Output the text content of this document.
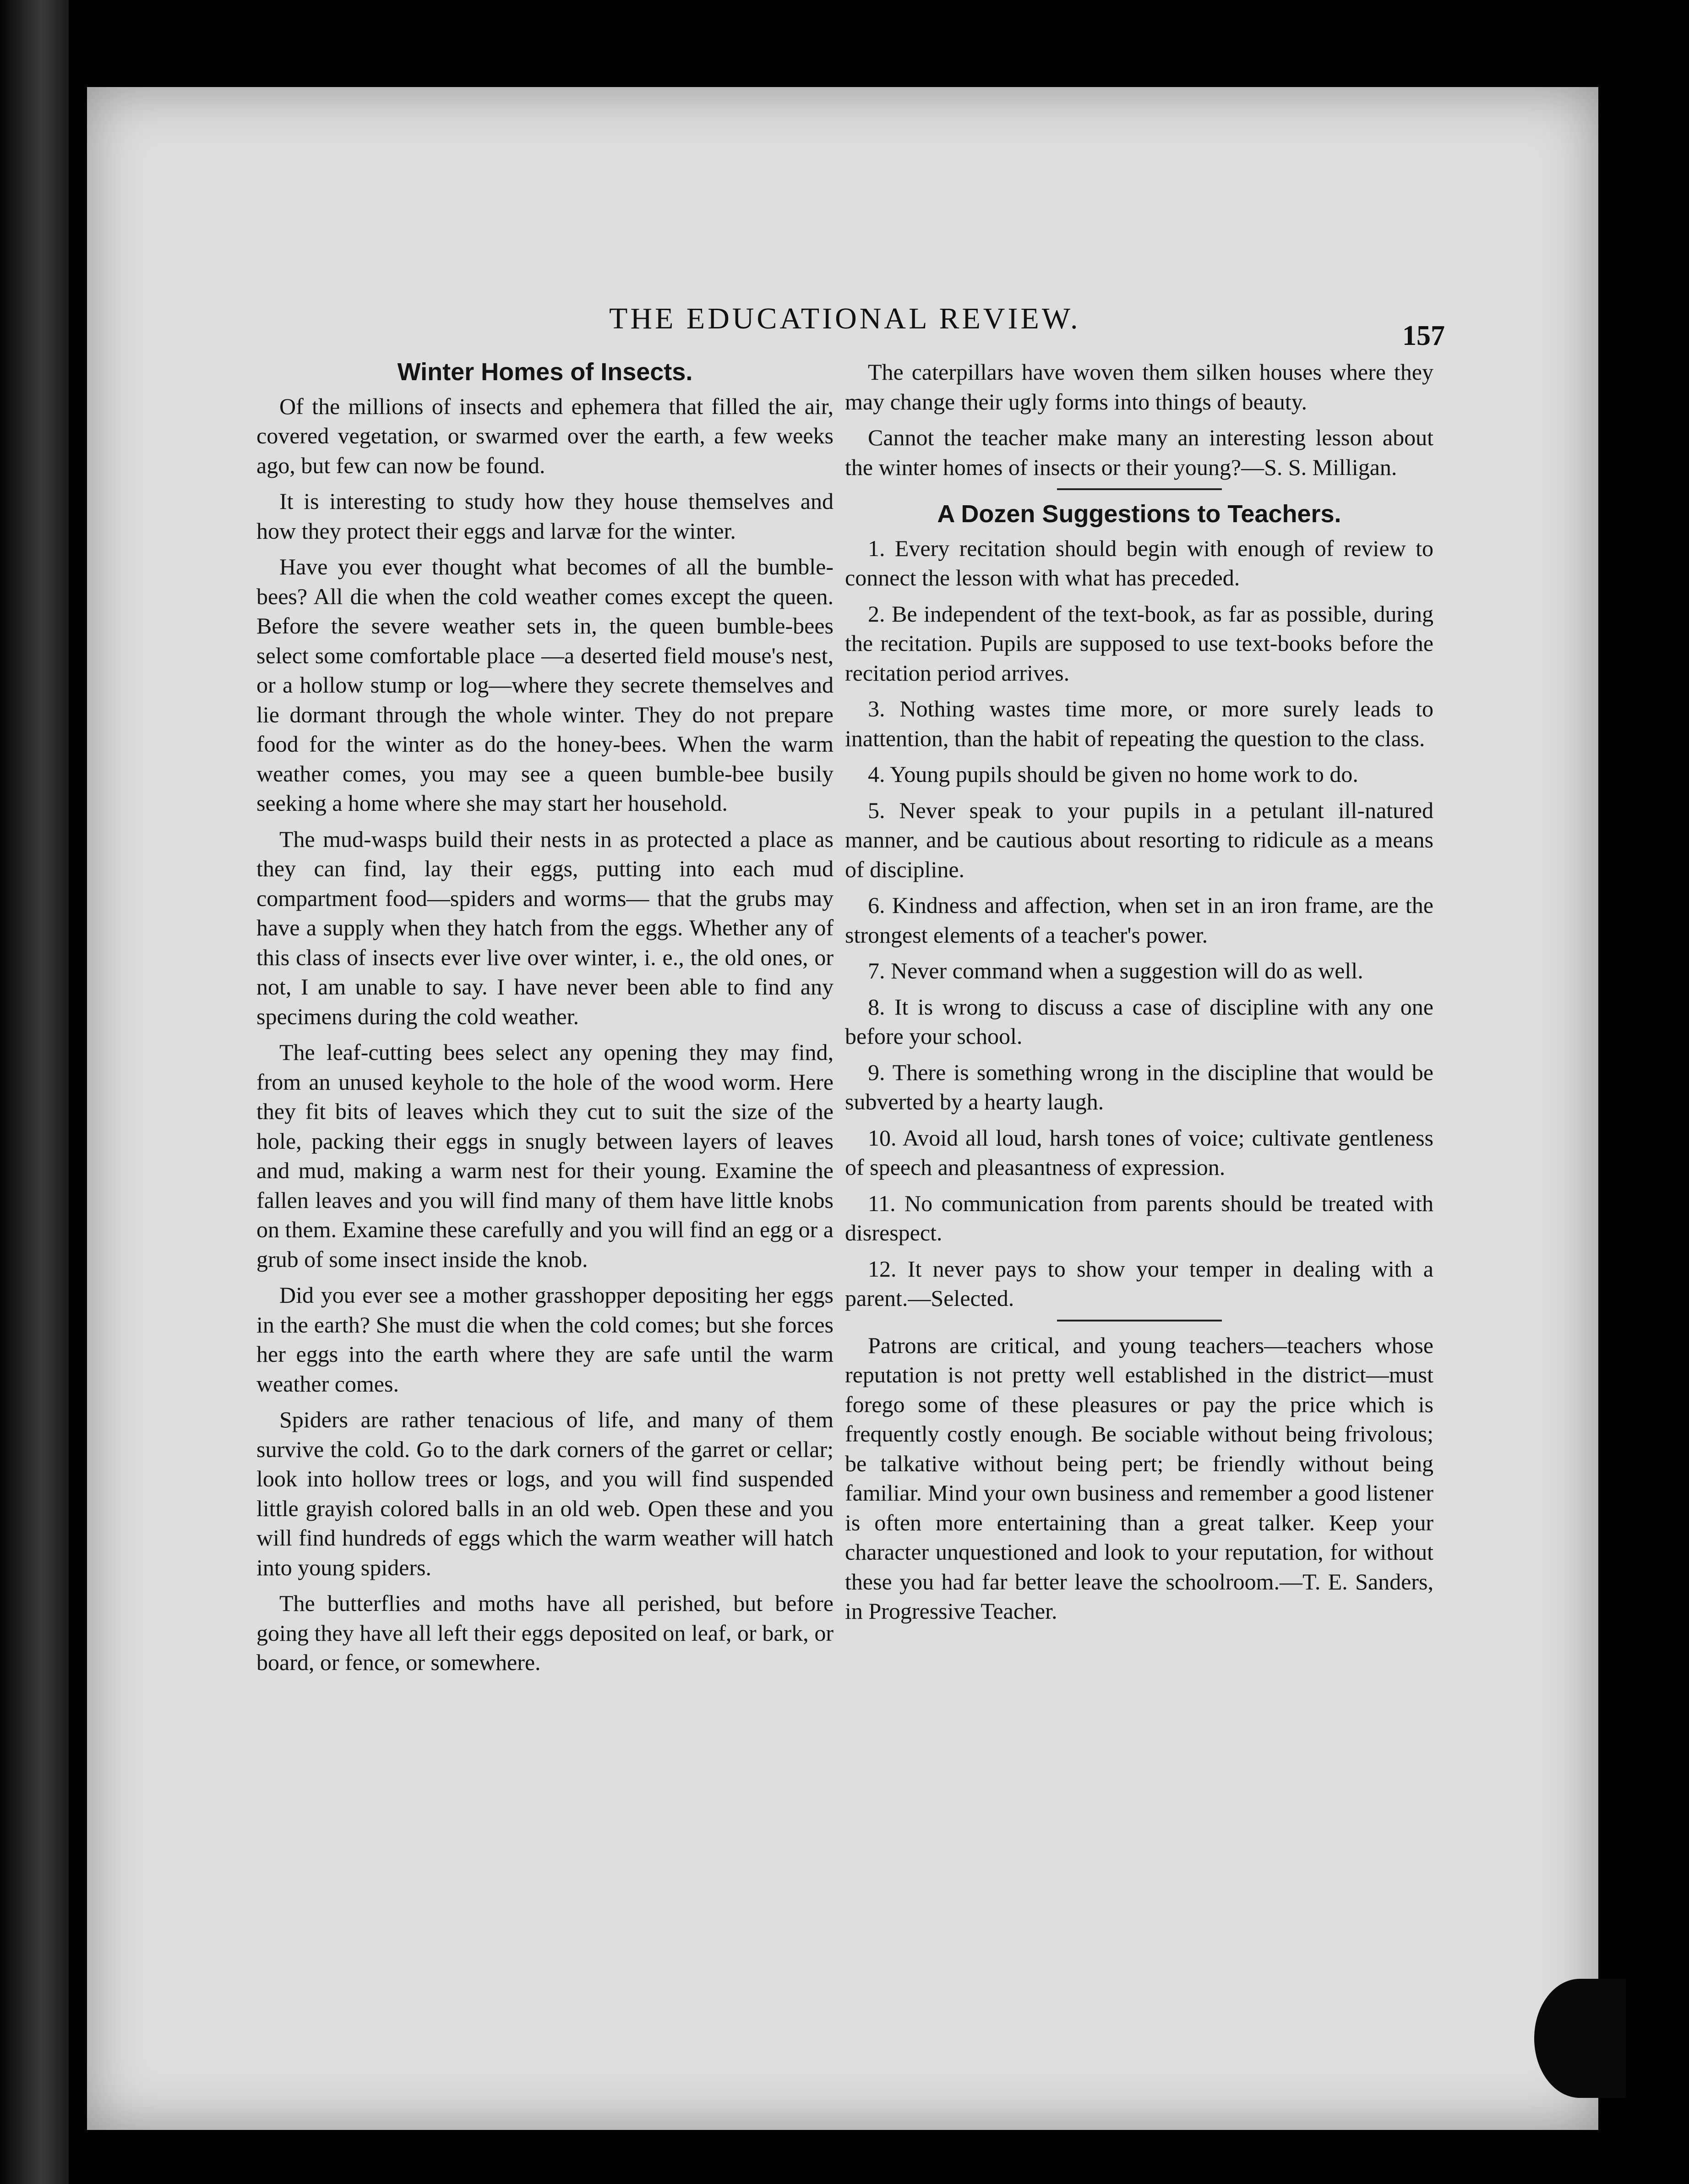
THE EDUCATIONAL REVIEW.
157
Winter Homes of Insects.

Of the millions of insects and ephemera that filled the air, covered vegetation, or swarmed over the earth, a few weeks ago, but few can now be found.

It is interesting to study how they house themselves and how they protect their eggs and larvæ for the winter.

Have you ever thought what becomes of all the bumble-bees? All die when the cold weather comes except the queen. Before the severe weather sets in, the queen bumble-bees select some comfortable place —a deserted field mouse's nest, or a hollow stump or log—where they secrete themselves and lie dormant through the whole winter. They do not prepare food for the winter as do the honey-bees. When the warm weather comes, you may see a queen bumble-bee busily seeking a home where she may start her household.

The mud-wasps build their nests in as protected a place as they can find, lay their eggs, putting into each mud compartment food—spiders and worms— that the grubs may have a supply when they hatch from the eggs. Whether any of this class of insects ever live over winter, i. e., the old ones, or not, I am unable to say. I have never been able to find any specimens during the cold weather.

The leaf-cutting bees select any opening they may find, from an unused keyhole to the hole of the wood worm. Here they fit bits of leaves which they cut to suit the size of the hole, packing their eggs in snugly between layers of leaves and mud, making a warm nest for their young. Examine the fallen leaves and you will find many of them have little knobs on them. Examine these carefully and you will find an egg or a grub of some insect inside the knob.

Did you ever see a mother grasshopper depositing her eggs in the earth? She must die when the cold comes; but she forces her eggs into the earth where they are safe until the warm weather comes.

Spiders are rather tenacious of life, and many of them survive the cold. Go to the dark corners of the garret or cellar; look into hollow trees or logs, and you will find suspended little grayish colored balls in an old web. Open these and you will find hundreds of eggs which the warm weather will hatch into young spiders.

The butterflies and moths have all perished, but before going they have all left their eggs deposited on leaf, or bark, or board, or fence, or somewhere.

The caterpillars have woven them silken houses where they may change their ugly forms into things of beauty.

Cannot the teacher make many an interesting lesson about the winter homes of insects or their young?—S. S. Milligan.

A Dozen Suggestions to Teachers.

1. Every recitation should begin with enough of review to connect the lesson with what has preceded.

2. Be independent of the text-book, as far as possible, during the recitation. Pupils are supposed to use text-books before the recitation period arrives.

3. Nothing wastes time more, or more surely leads to inattention, than the habit of repeating the question to the class.

4. Young pupils should be given no home work to do.

5. Never speak to your pupils in a petulant ill-natured manner, and be cautious about resorting to ridicule as a means of discipline.

6. Kindness and affection, when set in an iron frame, are the strongest elements of a teacher's power.

7. Never command when a suggestion will do as well.

8. It is wrong to discuss a case of discipline with any one before your school.

9. There is something wrong in the discipline that would be subverted by a hearty laugh.

10. Avoid all loud, harsh tones of voice; cultivate gentleness of speech and pleasantness of expression.

11. No communication from parents should be treated with disrespect.

12. It never pays to show your temper in dealing with a parent.—Selected.

Patrons are critical, and young teachers—teachers whose reputation is not pretty well established in the district—must forego some of these pleasures or pay the price which is frequently costly enough. Be sociable without being frivolous; be talkative without being pert; be friendly without being familiar. Mind your own business and remember a good listener is often more entertaining than a great talker. Keep your character unquestioned and look to your reputation, for without these you had far better leave the schoolroom.—T. E. Sanders, in Progressive Teacher.
